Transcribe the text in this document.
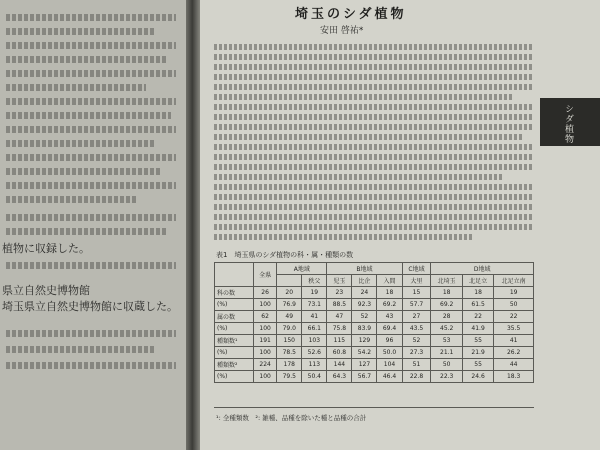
植物に収録した。
県立自然史博物館
埼玉県立自然史博物館に収蔵した。
埼玉のシダ植物
安田 啓祐*
シダ植物
表1　埼玉県のシダ植物の科・属・種類の数
	全県	A地域		B地域			C地域	D地域		
			秩父	児玉	比企	入間	大里	北埼玉	北足立	北足立南
科の数	26	20	19	23	24	18	15	18	18	19
(%)	100	76.9	73.1	88.5	92.3	69.2	57.7	69.2	61.5	50
属の数	62	49	41	47	52	43	27	28	22	22
(%)	100	79.0	66.1	75.8	83.9	69.4	43.5	45.2	41.9	35.5
種類数¹	191	150	103	115	129	96	52	53	55	41
(%)	100	78.5	52.6	60.8	54.2	50.0	27.3	21.1	21.9	26.2
種類数²	224	178	113	144	127	104	51	50	55	44
(%)	100	79.5	50.4	64.3	56.7	46.4	22.8	22.3	24.6	18.3
¹: 全種類数　²: 雑種、品種を除いた種と品種の合計
